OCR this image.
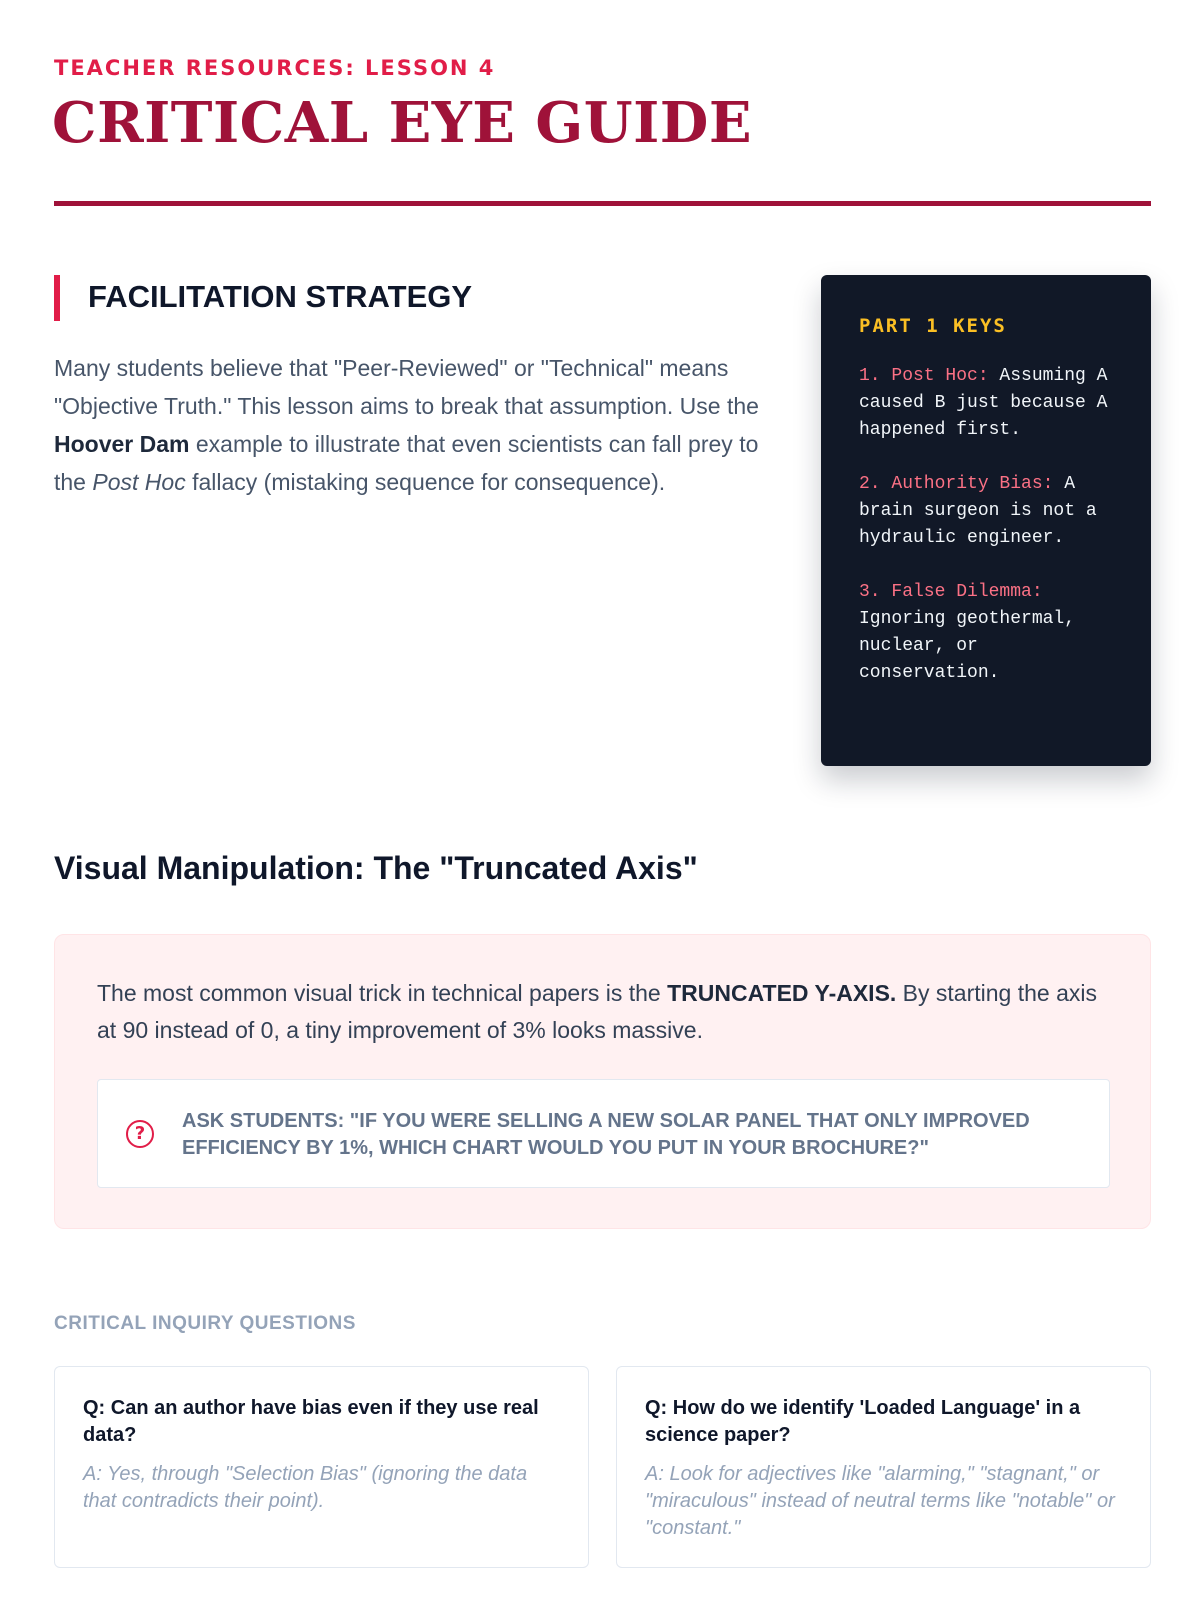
TEACHER RESOURCES: LESSON 4
CRITICAL EYE GUIDE
FACILITATION STRATEGY

Many students believe that "Peer-Reviewed" or "Technical" means "Objective Truth." This lesson aims to break that assumption. Use the Hoover Dam example to illustrate that even scientists can fall prey to the Post Hoc fallacy (mistaking sequence for consequence).

PART 1 KEYS
1. Post Hoc: Assuming A caused B just because A happened first.
2. Authority Bias: A brain surgeon is not a hydraulic engineer.
3. False Dilemma: Ignoring geothermal, nuclear, or conservation.
Visual Manipulation: The "Truncated Axis"

The most common visual trick in technical papers is the TRUNCATED Y-AXIS. By starting the axis at 90 instead of 0, a tiny improvement of 3% looks massive.

?
ASK STUDENTS: "IF YOU WERE SELLING A NEW SOLAR PANEL THAT ONLY IMPROVED EFFICIENCY BY 1%, WHICH CHART WOULD YOU PUT IN YOUR BROCHURE?"
CRITICAL INQUIRY QUESTIONS
Q: Can an author have bias even if they use real data?
A: Yes, through "Selection Bias" (ignoring the data that contradicts their point).
Q: How do we identify 'Loaded Language' in a science paper?
A: Look for adjectives like "alarming," "stagnant," or "miraculous" instead of neutral terms like "notable" or "constant."
